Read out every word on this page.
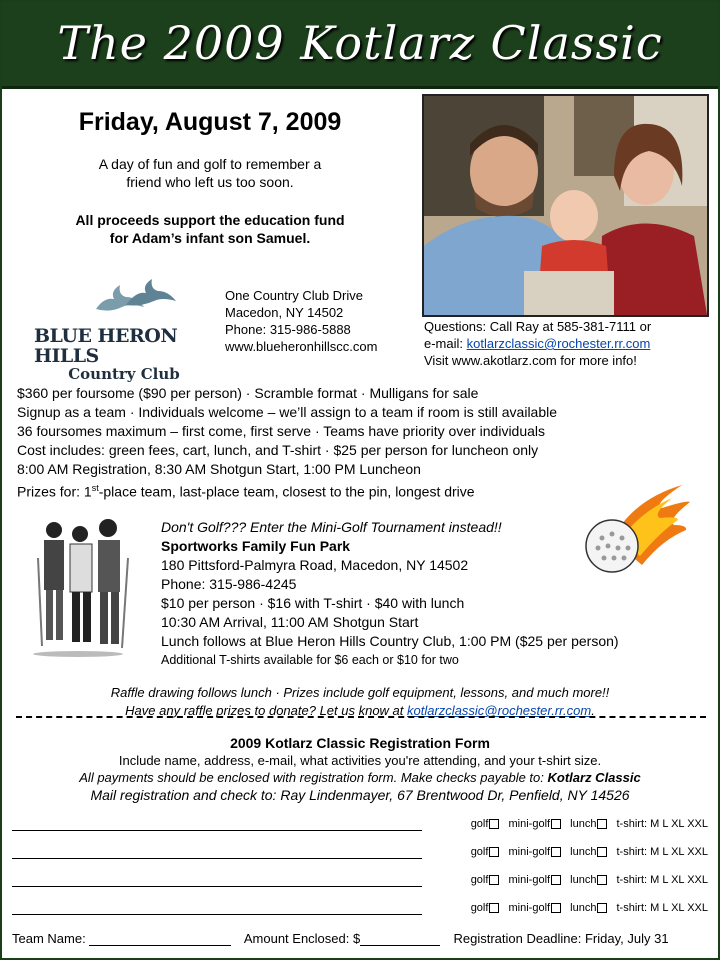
The 2009 Kotlarz Classic
Friday, August 7, 2009
A day of fun and golf to remember a
friend who left us too soon.
All proceeds support the education fund
for Adam’s infant son Samuel.
BLUE HERON HILLS
Country Club
One Country Club Drive
Macedon, NY 14502
Phone: 315-986-5888
www.blueheronhillscc.com
Questions: Call Ray at 585-381-7111 or
e-mail: kotlarzclassic@rochester.rr.com
Visit www.akotlarz.com for more info!
$360 per foursome ($90 per person) · Scramble format · Mulligans for sale
Signup as a team · Individuals welcome – we’ll assign to a team if room is still available
36 foursomes maximum – first come, first serve · Teams have priority over individuals
Cost includes: green fees, cart, lunch, and T-shirt · $25 per person for luncheon only
8:00 AM Registration, 8:30 AM Shotgun Start, 1:00 PM Luncheon
Prizes for: 1st-place team, last-place team, closest to the pin, longest drive
Don't Golf??? Enter the Mini-Golf Tournament instead!!
Sportworks Family Fun Park
180 Pittsford-Palmyra Road, Macedon, NY 14502
Phone: 315-986-4245
$10 per person · $16 with T-shirt · $40 with lunch
10:30 AM Arrival, 11:00 AM Shotgun Start
Lunch follows at Blue Heron Hills Country Club, 1:00 PM ($25 per person)
Additional T-shirts available for $6 each or $10 for two
Raffle drawing follows lunch · Prizes include golf equipment, lessons, and much more!!
Have any raffle prizes to donate? Let us know at kotlarzclassic@rochester.rr.com.
2009 Kotlarz Classic Registration Form
Include name, address, e-mail, what activities you're attending, and your t-shirt size.
All payments should be enclosed with registration form. Make checks payable to: Kotlarz Classic
Mail registration and check to: Ray Lindenmayer, 67 Brentwood Dr, Penfield, NY 14526
golf mini-golf lunch t-shirt: M L XL XXL
golf mini-golf lunch t-shirt: M L XL XXL
golf mini-golf lunch t-shirt: M L XL XXL
golf mini-golf lunch t-shirt: M L XL XXL
Team Name:	Amount Enclosed: $	Registration Deadline: Friday, July 31
